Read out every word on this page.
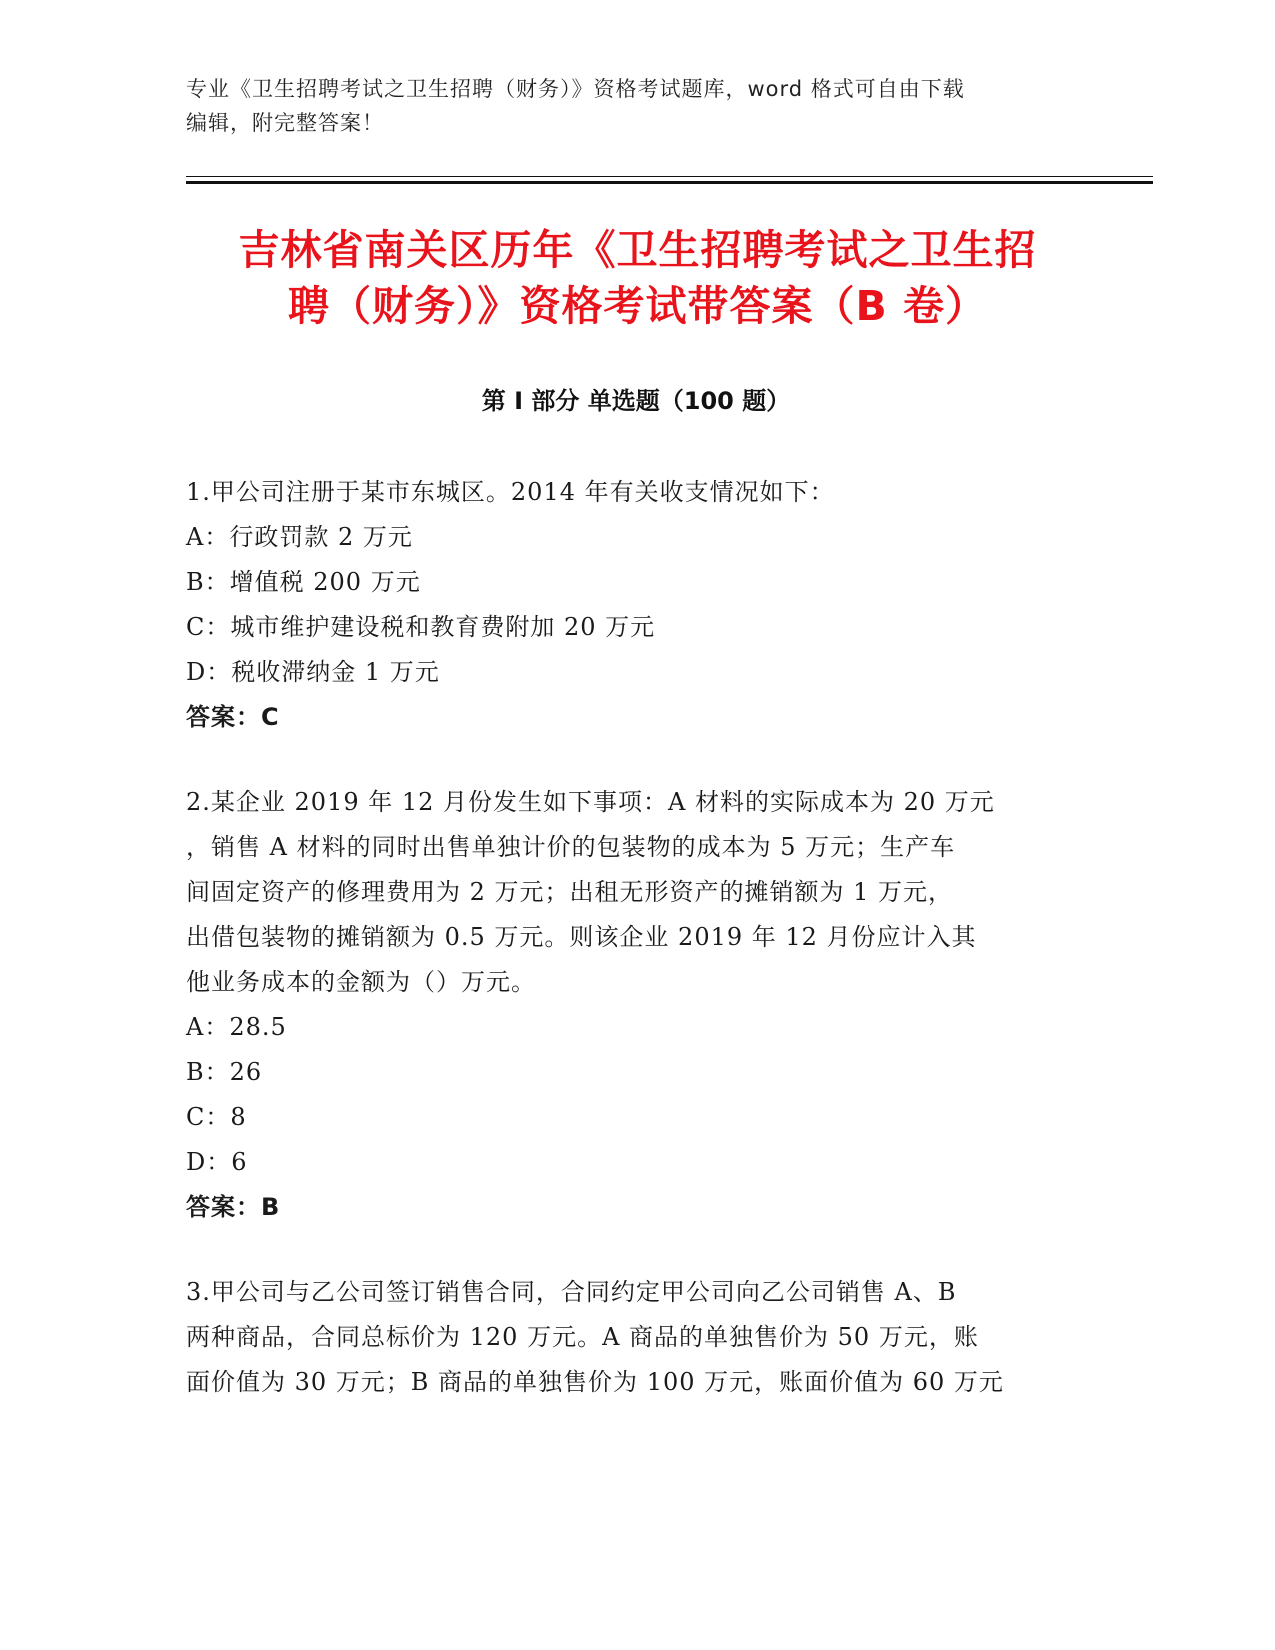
专业《卫生招聘考试之卫生招聘（财务）》资格考试题库，word 格式可自由下载
编辑，附完整答案！
吉林省南关区历年《卫生招聘考试之卫生招
聘（财务）》资格考试带答案（B 卷）
第 I 部分 单选题（100 题）
1.甲公司注册于某市东城区。2014 年有关收支情况如下：
A：行政罚款 2 万元
B：增值税 200 万元
C：城市维护建设税和教育费附加 20 万元
D：税收滞纳金 1 万元
答案：C
2.某企业 2019 年 12 月份发生如下事项：A 材料的实际成本为 20 万元
，销售 A 材料的同时出售单独计价的包装物的成本为 5 万元；生产车
间固定资产的修理费用为 2 万元；出租无形资产的摊销额为 1 万元，
出借包装物的摊销额为 0.5 万元。则该企业 2019 年 12 月份应计入其
他业务成本的金额为（）万元。
A：28.5
B：26
C：8
D：6
答案：B
3.甲公司与乙公司签订销售合同，合同约定甲公司向乙公司销售 A、B
两种商品，合同总标价为 120 万元。A 商品的单独售价为 50 万元，账
面价值为 30 万元；B 商品的单独售价为 100 万元，账面价值为 60 万元
